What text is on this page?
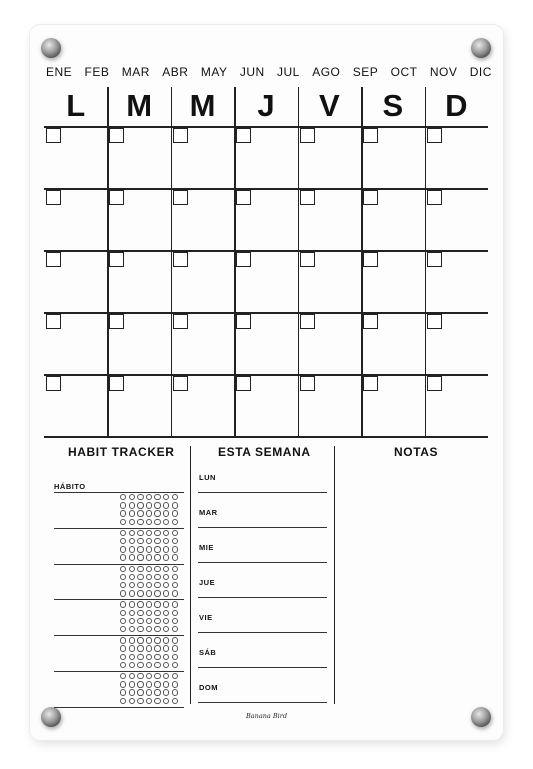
ENE FEB MAR ABR MAY JUN JUL AGO SEP OCT NOV DIC
L	M	M	J	V	S	D
HABIT TRACKER
HÁBITO
ESTA SEMANA
LUN
MAR
MIE
JUE
VIE
SÁB
DOM
NOTAS
Banana Bird
